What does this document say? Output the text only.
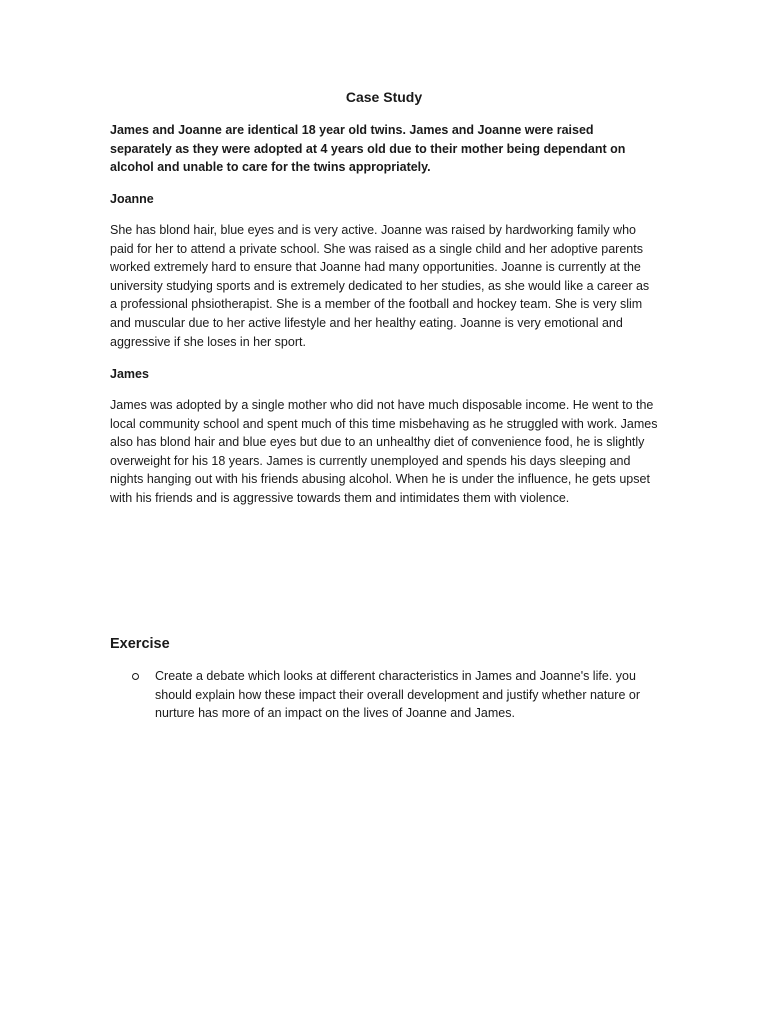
Case Study

James and Joanne are identical 18 year old twins. James and Joanne were raised separately as they were adopted at 4 years old due to their mother being dependant on alcohol and unable to care for the twins appropriately.

Joanne

She has blond hair, blue eyes and is very active. Joanne was raised by hardworking family who paid for her to attend a private school. She was raised as a single child and her adoptive parents worked extremely hard to ensure that Joanne had many opportunities. Joanne is currently at the university studying sports and is extremely dedicated to her studies, as she would like a career as a professional phsiotherapist. She is a member of the football and hockey team. She is very slim and muscular due to her active lifestyle and her healthy eating. Joanne is very emotional and aggressive if she loses in her sport.

James

James was adopted by a single mother who did not have much disposable income. He went to the local community school and spent much of this time misbehaving as he struggled with work. James also has blond hair and blue eyes but due to an unhealthy diet of convenience food, he is slightly overweight for his 18 years. James is currently unemployed and spends his days sleeping and nights hanging out with his friends abusing alcohol. When he is under the influence, he gets upset with his friends and is aggressive towards them and intimidates them with violence.

Exercise
Create a debate which looks at different characteristics in James and Joanne's life. you should explain how these impact their overall development and justify whether nature or nurture has more of an impact on the lives of Joanne and James.
